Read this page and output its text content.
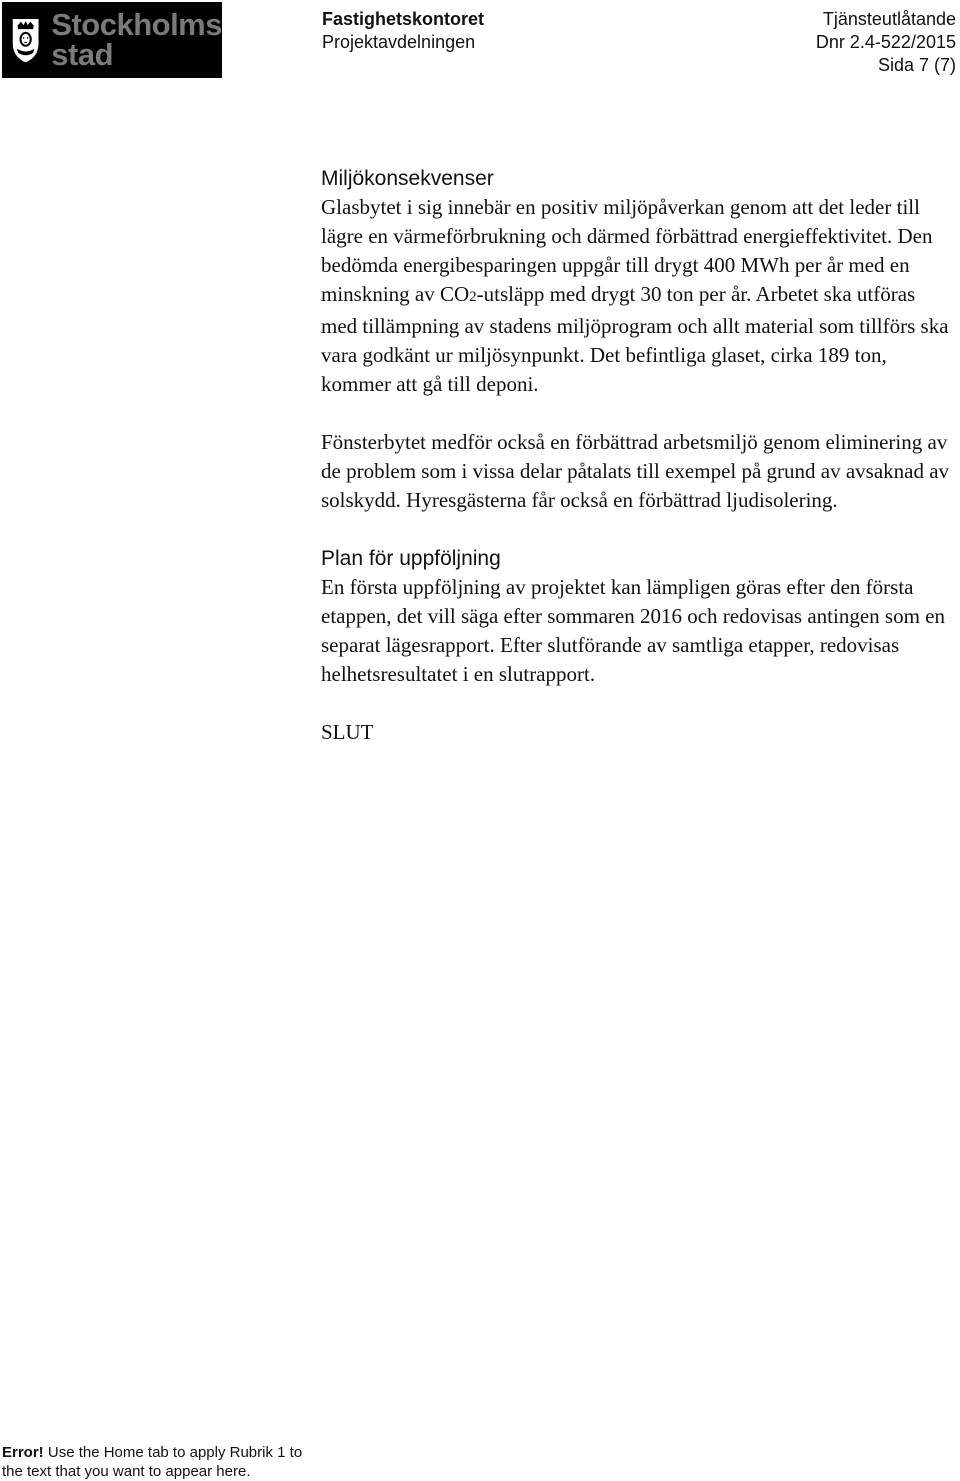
Stockholms
stad
Fastighetskontoret
Projektavdelningen
Tjänsteutlåtande
Dnr 2.4-522/2015
Sida 7 (7)
Miljökonsekvenser

Glasbytet i sig innebär en positiv miljöpåverkan genom att det leder till lägre en värmeförbrukning och därmed förbättrad energieffektivitet. Den bedömda energibesparingen uppgår till drygt 400 MWh per år med en minskning av CO2-utsläpp med drygt 30 ton per år. Arbetet ska utföras med tillämpning av stadens miljöprogram och allt material som tillförs ska vara godkänt ur miljösynpunkt. Det befintliga glaset, cirka 189 ton, kommer att gå till deponi.

Fönsterbytet medför också en förbättrad arbetsmiljö genom eliminering av de problem som i vissa delar påtalats till exempel på grund av avsaknad av solskydd. Hyresgästerna får också en förbättrad ljudisolering.

Plan för uppföljning

En första uppföljning av projektet kan lämpligen göras efter den första etappen, det vill säga efter sommaren 2016 och redovisas antingen som en separat lägesrapport. Efter slutförande av samtliga etapper, redovisas helhetsresultatet i en slutrapport.

SLUT

Error! Use the Home tab to apply Rubrik 1 to the text that you want to appear here.
